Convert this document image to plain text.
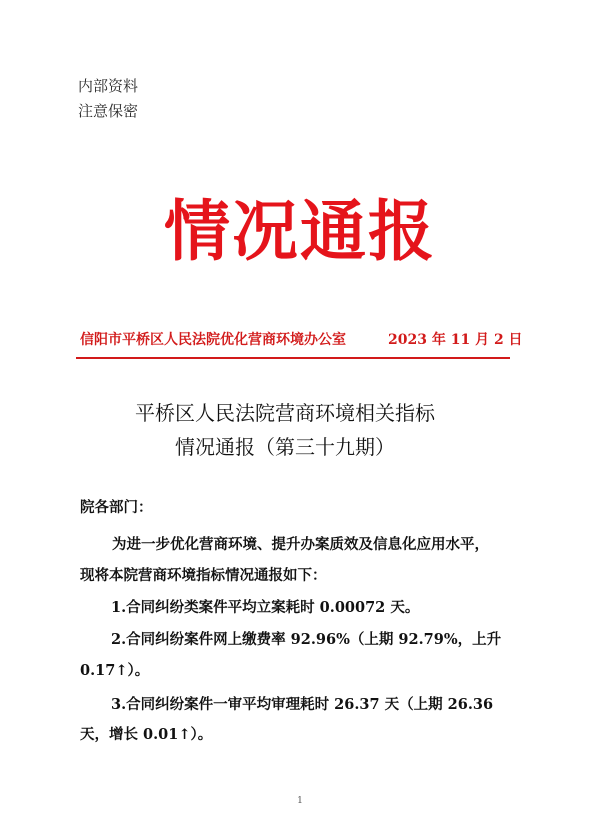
内部资料
注意保密
情况通报
信阳市平桥区人民法院优化营商环境办公室	2023 年 11 月 2 日
平桥区人民法院营商环境相关指标
情况通报（第三十九期）
院各部门：
为进一步优化营商环境、提升办案质效及信息化应用水平，
现将本院营商环境指标情况通报如下：
1.合同纠纷类案件平均立案耗时 0.00072 天。
2.合同纠纷案件网上缴费率 92.96%（上期 92.79%，上升
0.17↑）。
3.合同纠纷案件一审平均审理耗时 26.37 天（上期 26.36
天，增长 0.01↑）。
1
